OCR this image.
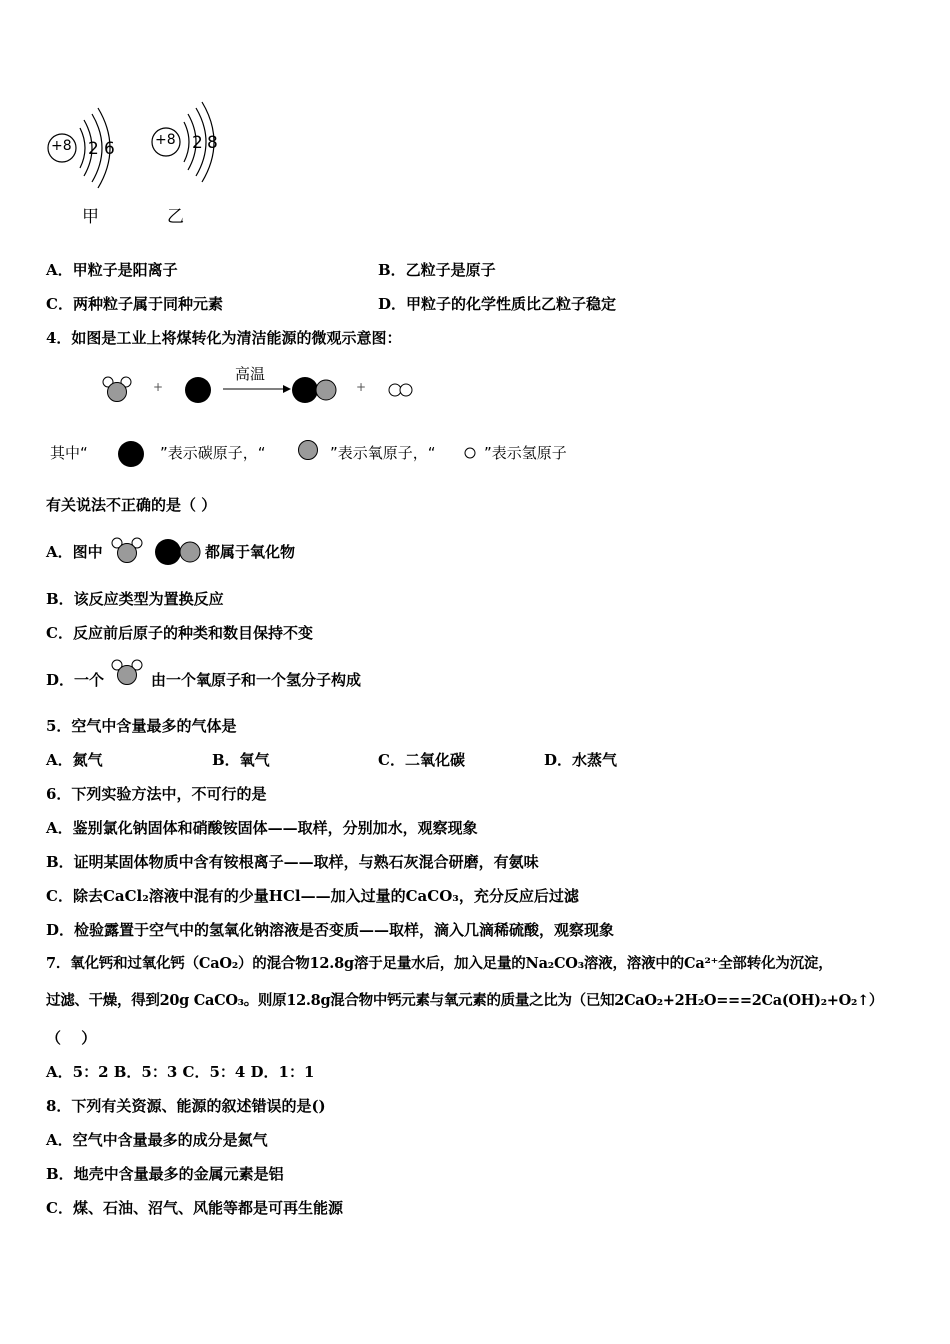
+8 2 6
甲
+8 2 8
乙
A．甲粒子是阳离子	B．乙粒子是原子
C．两种粒子属于同种元素	D．甲粒子的化学性质比乙粒子稳定
4．如图是工业上将煤转化为清洁能源的微观示意图：
+
高温
+
其中“	”表示碳原子，“	”表示氧原子，“	”表示氢原子
有关说法不正确的是（ ）
A．图中	都属于氧化物
B．该反应类型为置换反应
C．反应前后原子的种类和数目保持不变
D．一个	由一个氧原子和一个氢分子构成
5．空气中含量最多的气体是
A．氮气	B．氧气	C．二氧化碳	D．水蒸气
6．下列实验方法中，不可行的是
A．鉴别氯化钠固体和硝酸铵固体——取样，分别加水，观察现象
B．证明某固体物质中含有铵根离子——取样，与熟石灰混合研磨，有氨味
C．除去CaCl₂溶液中混有的少量HCl——加入过量的CaCO₃，充分反应后过滤
D．检验露置于空气中的氢氧化钠溶液是否变质——取样，滴入几滴稀硫酸，观察现象
7．氧化钙和过氧化钙（CaO₂）的混合物12.8g溶于足量水后，加入足量的Na₂CO₃溶液，溶液中的Ca²⁺全部转化为沉淀，
过滤、干燥，得到20g CaCO₃。则原12.8g混合物中钙元素与氧元素的质量之比为（已知2CaO₂+2H₂O===2Ca(OH)₂+O₂↑）
（　 ）
A．5：2 B．5：3 C．5：4 D．1：1
8．下列有关资源、能源的叙述错误的是()
A．空气中含量最多的成分是氮气
B．地壳中含量最多的金属元素是铝
C．煤、石油、沼气、风能等都是可再生能源
